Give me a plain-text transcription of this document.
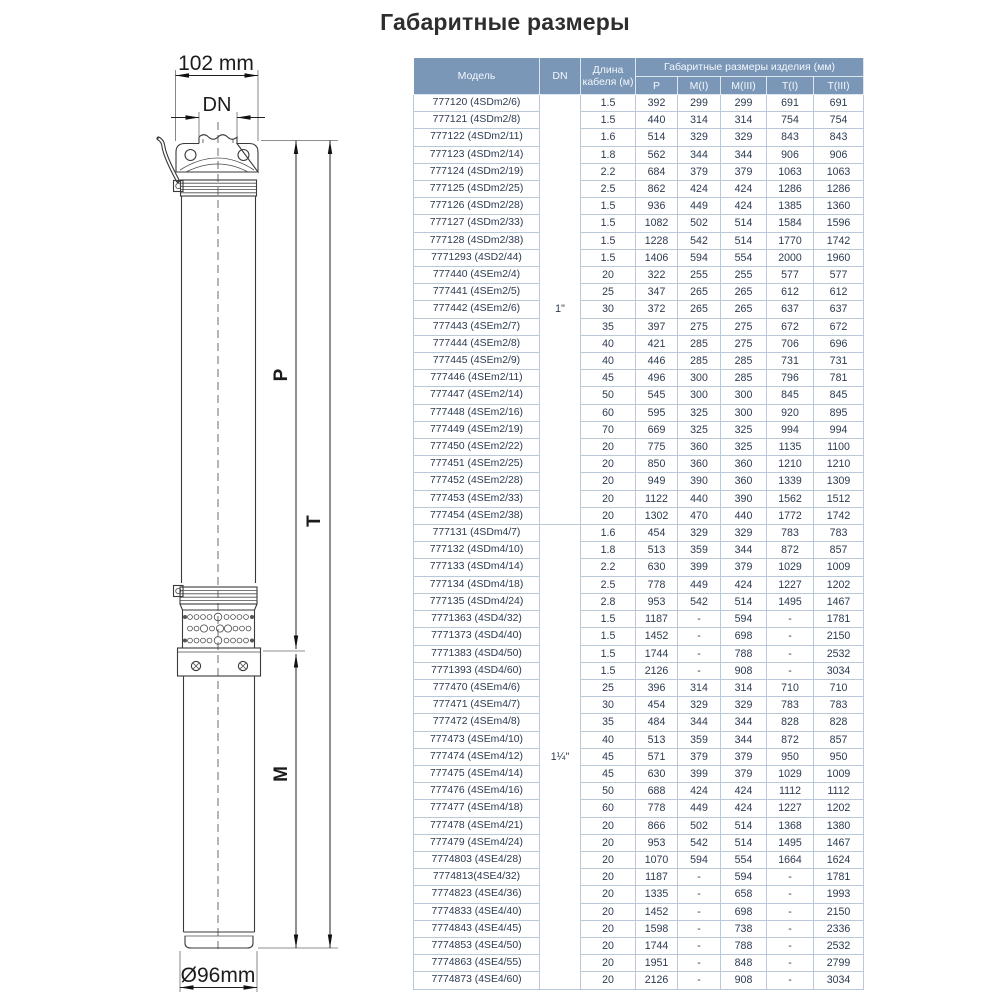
Габаритные размеры
102 mm
DN
P
M
T
Ø96mm
Модель	DN	Длина кабеля (м)	Габаритные размеры изделия (мм)				
			P	M(I)	M(III)	T(I)	T(III)
777120 (4SDm2/6)	1"	1.5	392	299	299	691	691
777121 (4SDm2/8)		1.5	440	314	314	754	754
777122 (4SDm2/11)		1.6	514	329	329	843	843
777123 (4SDm2/14)		1.8	562	344	344	906	906
777124 (4SDm2/19)		2.2	684	379	379	1063	1063
777125 (4SDm2/25)		2.5	862	424	424	1286	1286
777126 (4SDm2/28)		1.5	936	449	424	1385	1360
777127 (4SDm2/33)		1.5	1082	502	514	1584	1596
777128 (4SDm2/38)		1.5	1228	542	514	1770	1742
7771293 (4SD2/44)		1.5	1406	594	554	2000	1960
777440 (4SEm2/4)		20	322	255	255	577	577
777441 (4SEm2/5)		25	347	265	265	612	612
777442 (4SEm2/6)		30	372	265	265	637	637
777443 (4SEm2/7)		35	397	275	275	672	672
777444 (4SEm2/8)		40	421	285	275	706	696
777445 (4SEm2/9)		40	446	285	285	731	731
777446 (4SEm2/11)		45	496	300	285	796	781
777447 (4SEm2/14)		50	545	300	300	845	845
777448 (4SEm2/16)		60	595	325	300	920	895
777449 (4SEm2/19)		70	669	325	325	994	994
777450 (4SEm2/22)		20	775	360	325	1135	1100
777451 (4SEm2/25)		20	850	360	360	1210	1210
777452 (4SEm2/28)		20	949	390	360	1339	1309
777453 (4SEm2/33)		20	1122	440	390	1562	1512
777454 (4SEm2/38)		20	1302	470	440	1772	1742
777131 (4SDm4/7)	1¼"	1.6	454	329	329	783	783
777132 (4SDm4/10)		1.8	513	359	344	872	857
777133 (4SDm4/14)		2.2	630	399	379	1029	1009
777134 (4SDm4/18)		2.5	778	449	424	1227	1202
777135 (4SDm4/24)		2.8	953	542	514	1495	1467
7771363 (4SD4/32)		1.5	1187	-	594	-	1781
7771373 (4SD4/40)		1.5	1452	-	698	-	2150
7771383 (4SD4/50)		1.5	1744	-	788	-	2532
7771393 (4SD4/60)		1.5	2126	-	908	-	3034
777470 (4SEm4/6)		25	396	314	314	710	710
777471 (4SEm4/7)		30	454	329	329	783	783
777472 (4SEm4/8)		35	484	344	344	828	828
777473 (4SEm4/10)		40	513	359	344	872	857
777474 (4SEm4/12)		45	571	379	379	950	950
777475 (4SEm4/14)		45	630	399	379	1029	1009
777476 (4SEm4/16)		50	688	424	424	1112	1112
777477 (4SEm4/18)		60	778	449	424	1227	1202
777478 (4SEm4/21)		20	866	502	514	1368	1380
777479 (4SEm4/24)		20	953	542	514	1495	1467
7774803 (4SE4/28)		20	1070	594	554	1664	1624
7774813(4SE4/32)		20	1187	-	594	-	1781
7774823 (4SE4/36)		20	1335	-	658	-	1993
7774833 (4SE4/40)		20	1452	-	698	-	2150
7774843 (4SE4/45)		20	1598	-	738	-	2336
7774853 (4SE4/50)		20	1744	-	788	-	2532
7774863 (4SE4/55)		20	1951	-	848	-	2799
7774873 (4SE4/60)		20	2126	-	908	-	3034
